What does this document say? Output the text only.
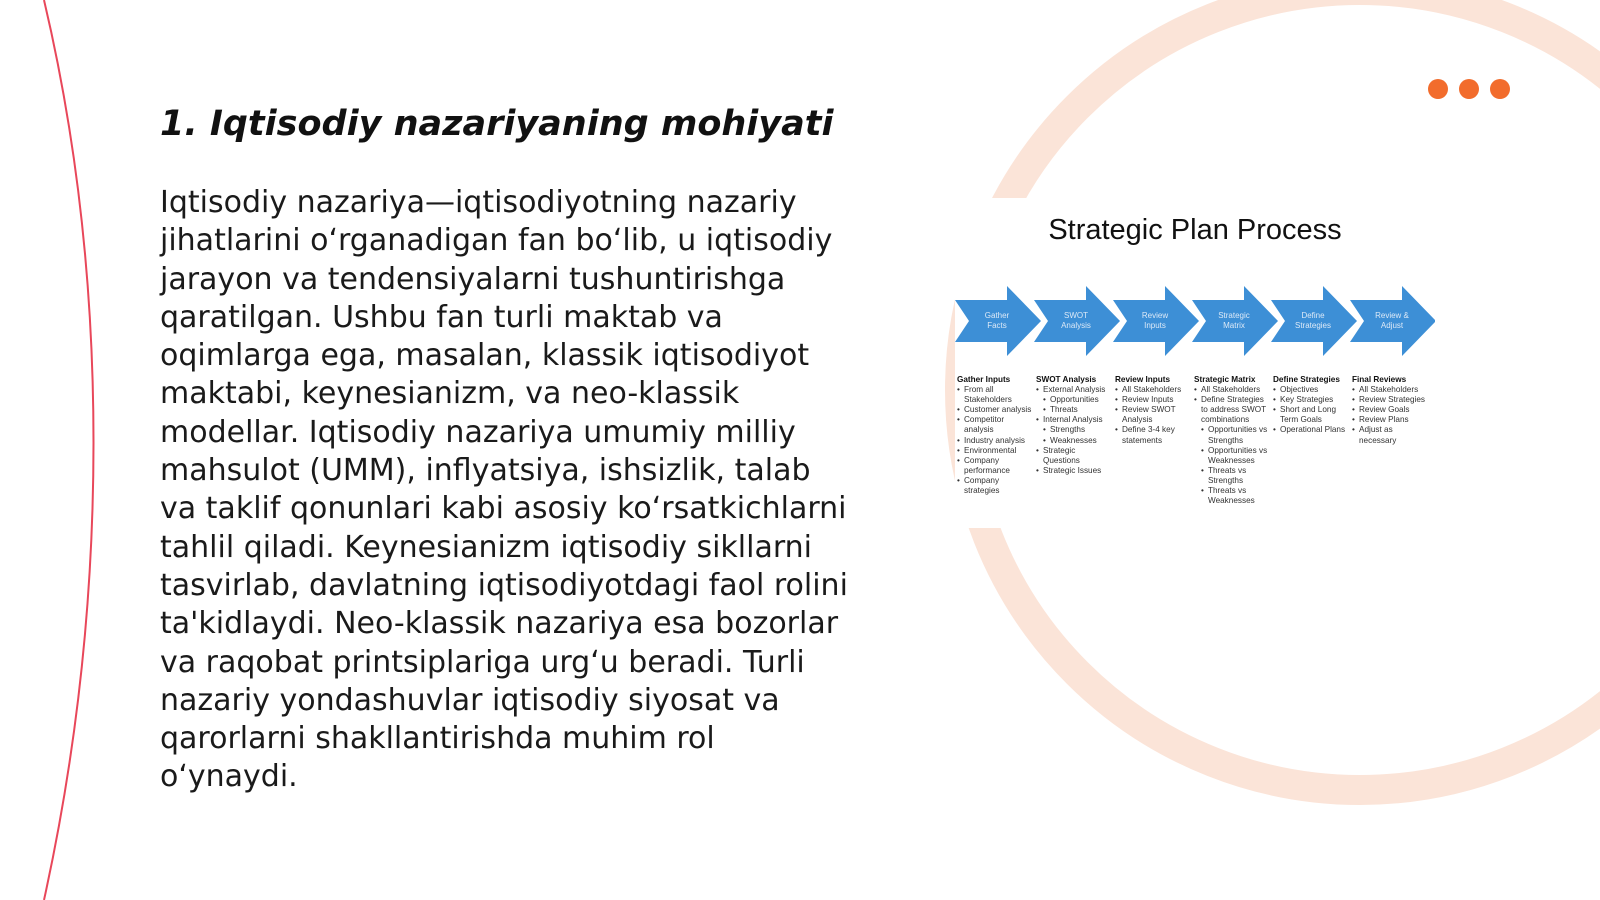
1. Iqtisodiy nazariyaning mohiyati

Iqtisodiy nazariya—iqtisodiyotning nazariy jihatlarini o‘rganadigan fan bo‘lib, u iqtisodiy jarayon va tendensiyalarni tushuntirishga qaratilgan. Ushbu fan turli maktab va oqimlarga ega, masalan, klassik iqtisodiyot maktabi, keynesianizm, va neo-klassik modellar. Iqtisodiy nazariya umumiy milliy mahsulot (UMM), inflyatsiya, ishsizlik, talab va taklif qonunlari kabi asosiy ko‘rsatkichlarni tahlil qiladi. Keynesianizm iqtisodiy sikllarni tasvirlab, davlatning iqtisodiyotdagi faol rolini ta'kidlaydi. Neo-klassik nazariya esa bozorlar va raqobat printsiplariga urg‘u beradi. Turli nazariy yondashuvlar iqtisodiy siyosat va qarorlarni shakllantirishda muhim rol o‘ynaydi.

Strategic Plan Process
Gather
Facts
SWOT
Analysis
Review
Inputs
Strategic
Matrix
Define
Strategies
Review &
Adjust
Gather Inputs
• From all Stakeholders
• Customer analysis
• Competitor analysis
• Industry analysis
• Environmental
• Company performance
• Company strategies
SWOT Analysis
• External Analysis
• Opportunities
• Threats
• Internal Analysis
• Strengths
• Weaknesses
• Strategic Questions
• Strategic Issues
Review Inputs
• All Stakeholders
• Review Inputs
• Review SWOT Analysis
• Define 3-4 key statements
Strategic Matrix
• All Stakeholders
• Define Strategies to address SWOT combinations
• Opportunities vs Strengths
• Opportunities vs Weaknesses
• Threats vs Strengths
• Threats vs Weaknesses
Define Strategies
• Objectives
• Key Strategies
• Short and Long Term Goals
• Operational Plans
Final Reviews
• All Stakeholders
• Review Strategies
• Review Goals
• Review Plans
• Adjust as necessary
